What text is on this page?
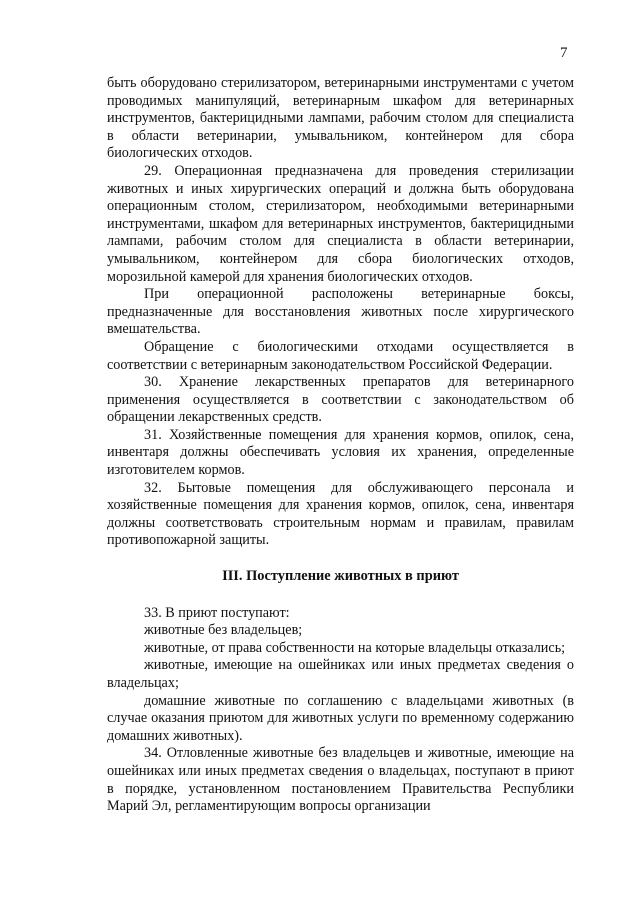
7

быть оборудовано стерилизатором, ветеринарными инструментами с учетом проводимых манипуляций, ветеринарным шкафом для ветеринарных инструментов, бактерицидными лампами, рабочим столом для специалиста в области ветеринарии, умывальником, контейнером для сбора биологических отходов.

29. Операционная предназначена для проведения стерилизации животных и иных хирургических операций и должна быть оборудована операционным столом, стерилизатором, необходимыми ветеринарными инструментами, шкафом для ветеринарных инструментов, бактерицидными лампами, рабочим столом для специалиста в области ветеринарии, умывальником, контейнером для сбора биологических отходов, морозильной камерой для хранения биологических отходов.

При операционной расположены ветеринарные боксы, предназначенные для восстановления животных после хирургического вмешательства.

Обращение с биологическими отходами осуществляется в соответствии с ветеринарным законодательством Российской Федерации.

30. Хранение лекарственных препаратов для ветеринарного применения осуществляется в соответствии с законодательством об обращении лекарственных средств.

31. Хозяйственные помещения для хранения кормов, опилок, сена, инвентаря должны обеспечивать условия их хранения, определенные изготовителем кормов.

32. Бытовые помещения для обслуживающего персонала и хозяйственные помещения для хранения кормов, опилок, сена, инвентаря должны соответствовать строительным нормам и правилам, правилам противопожарной защиты.

III. Поступление животных в приют

33. В приют поступают:

животные без владельцев;

животные, от права собственности на которые владельцы отказались;

животные, имеющие на ошейниках или иных предметах сведения о владельцах;

домашние животные по соглашению с владельцами животных (в случае оказания приютом для животных услуги по временному содержанию домашних животных).

34. Отловленные животные без владельцев и животные, имеющие на ошейниках или иных предметах сведения о владельцах, поступают в приют в порядке, установленном постановлением Правительства Республики Марий Эл, регламентирующим вопросы организации
